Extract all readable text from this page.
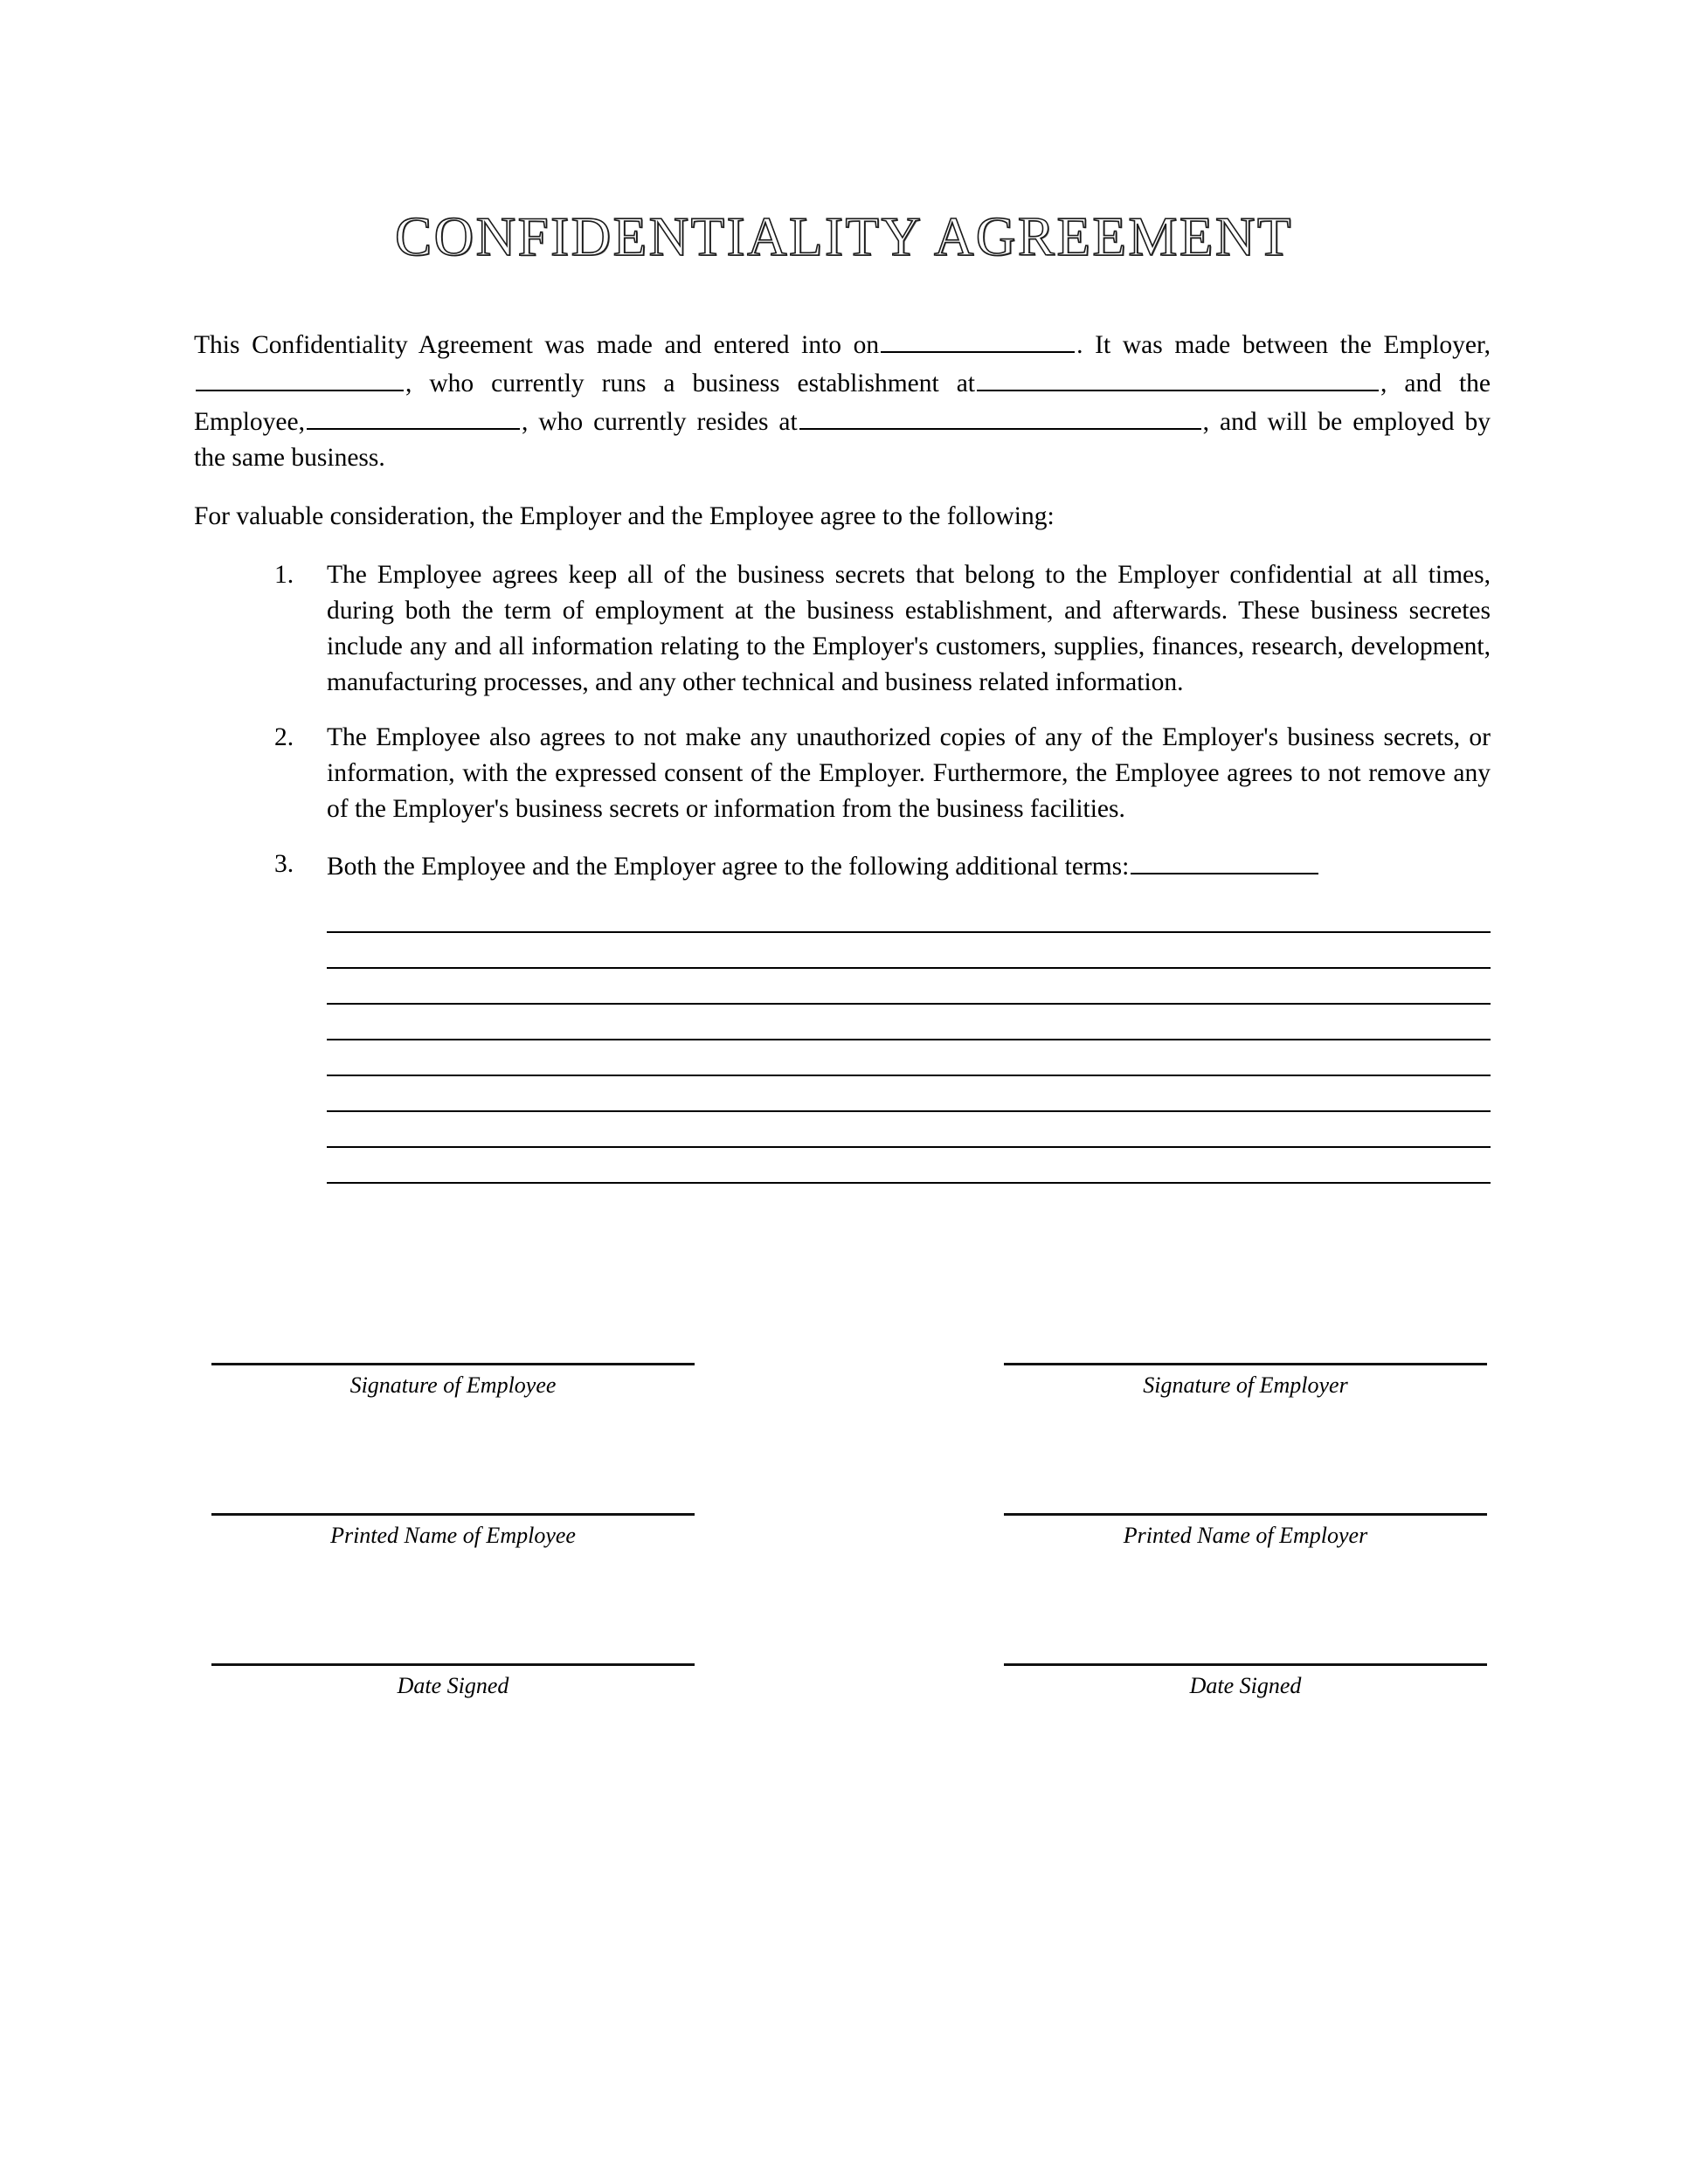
CONFIDENTIALITY AGREEMENT

This Confidentiality Agreement was made and entered into on	. It was made between the Employer,, who currently runs a business establishment at	, and the Employee,	, who currently resides at	, and will be employed by the same business.

For valuable consideration, the Employer and the Employee agree to the following:

1.	The Employee agrees keep all of the business secrets that belong to the Employer confidential at all times, during both the term of employment at the business establishment, and afterwards. These business secretes include any and all information relating to the Employer's customers, supplies, finances, research, development, manufacturing processes, and any other technical and business related information.
2.	The Employee also agrees to not make any unauthorized copies of any of the Employer's business secrets, or information, with the expressed consent of the Employer. Furthermore, the Employee agrees to not remove any of the Employer's business secrets or information from the business facilities.
3.	Both the Employee and the Employer agree to the following additional terms:
Signature of Employee	Signature of Employer
Printed Name of Employee	Printed Name of Employer
Date Signed	Date Signed
